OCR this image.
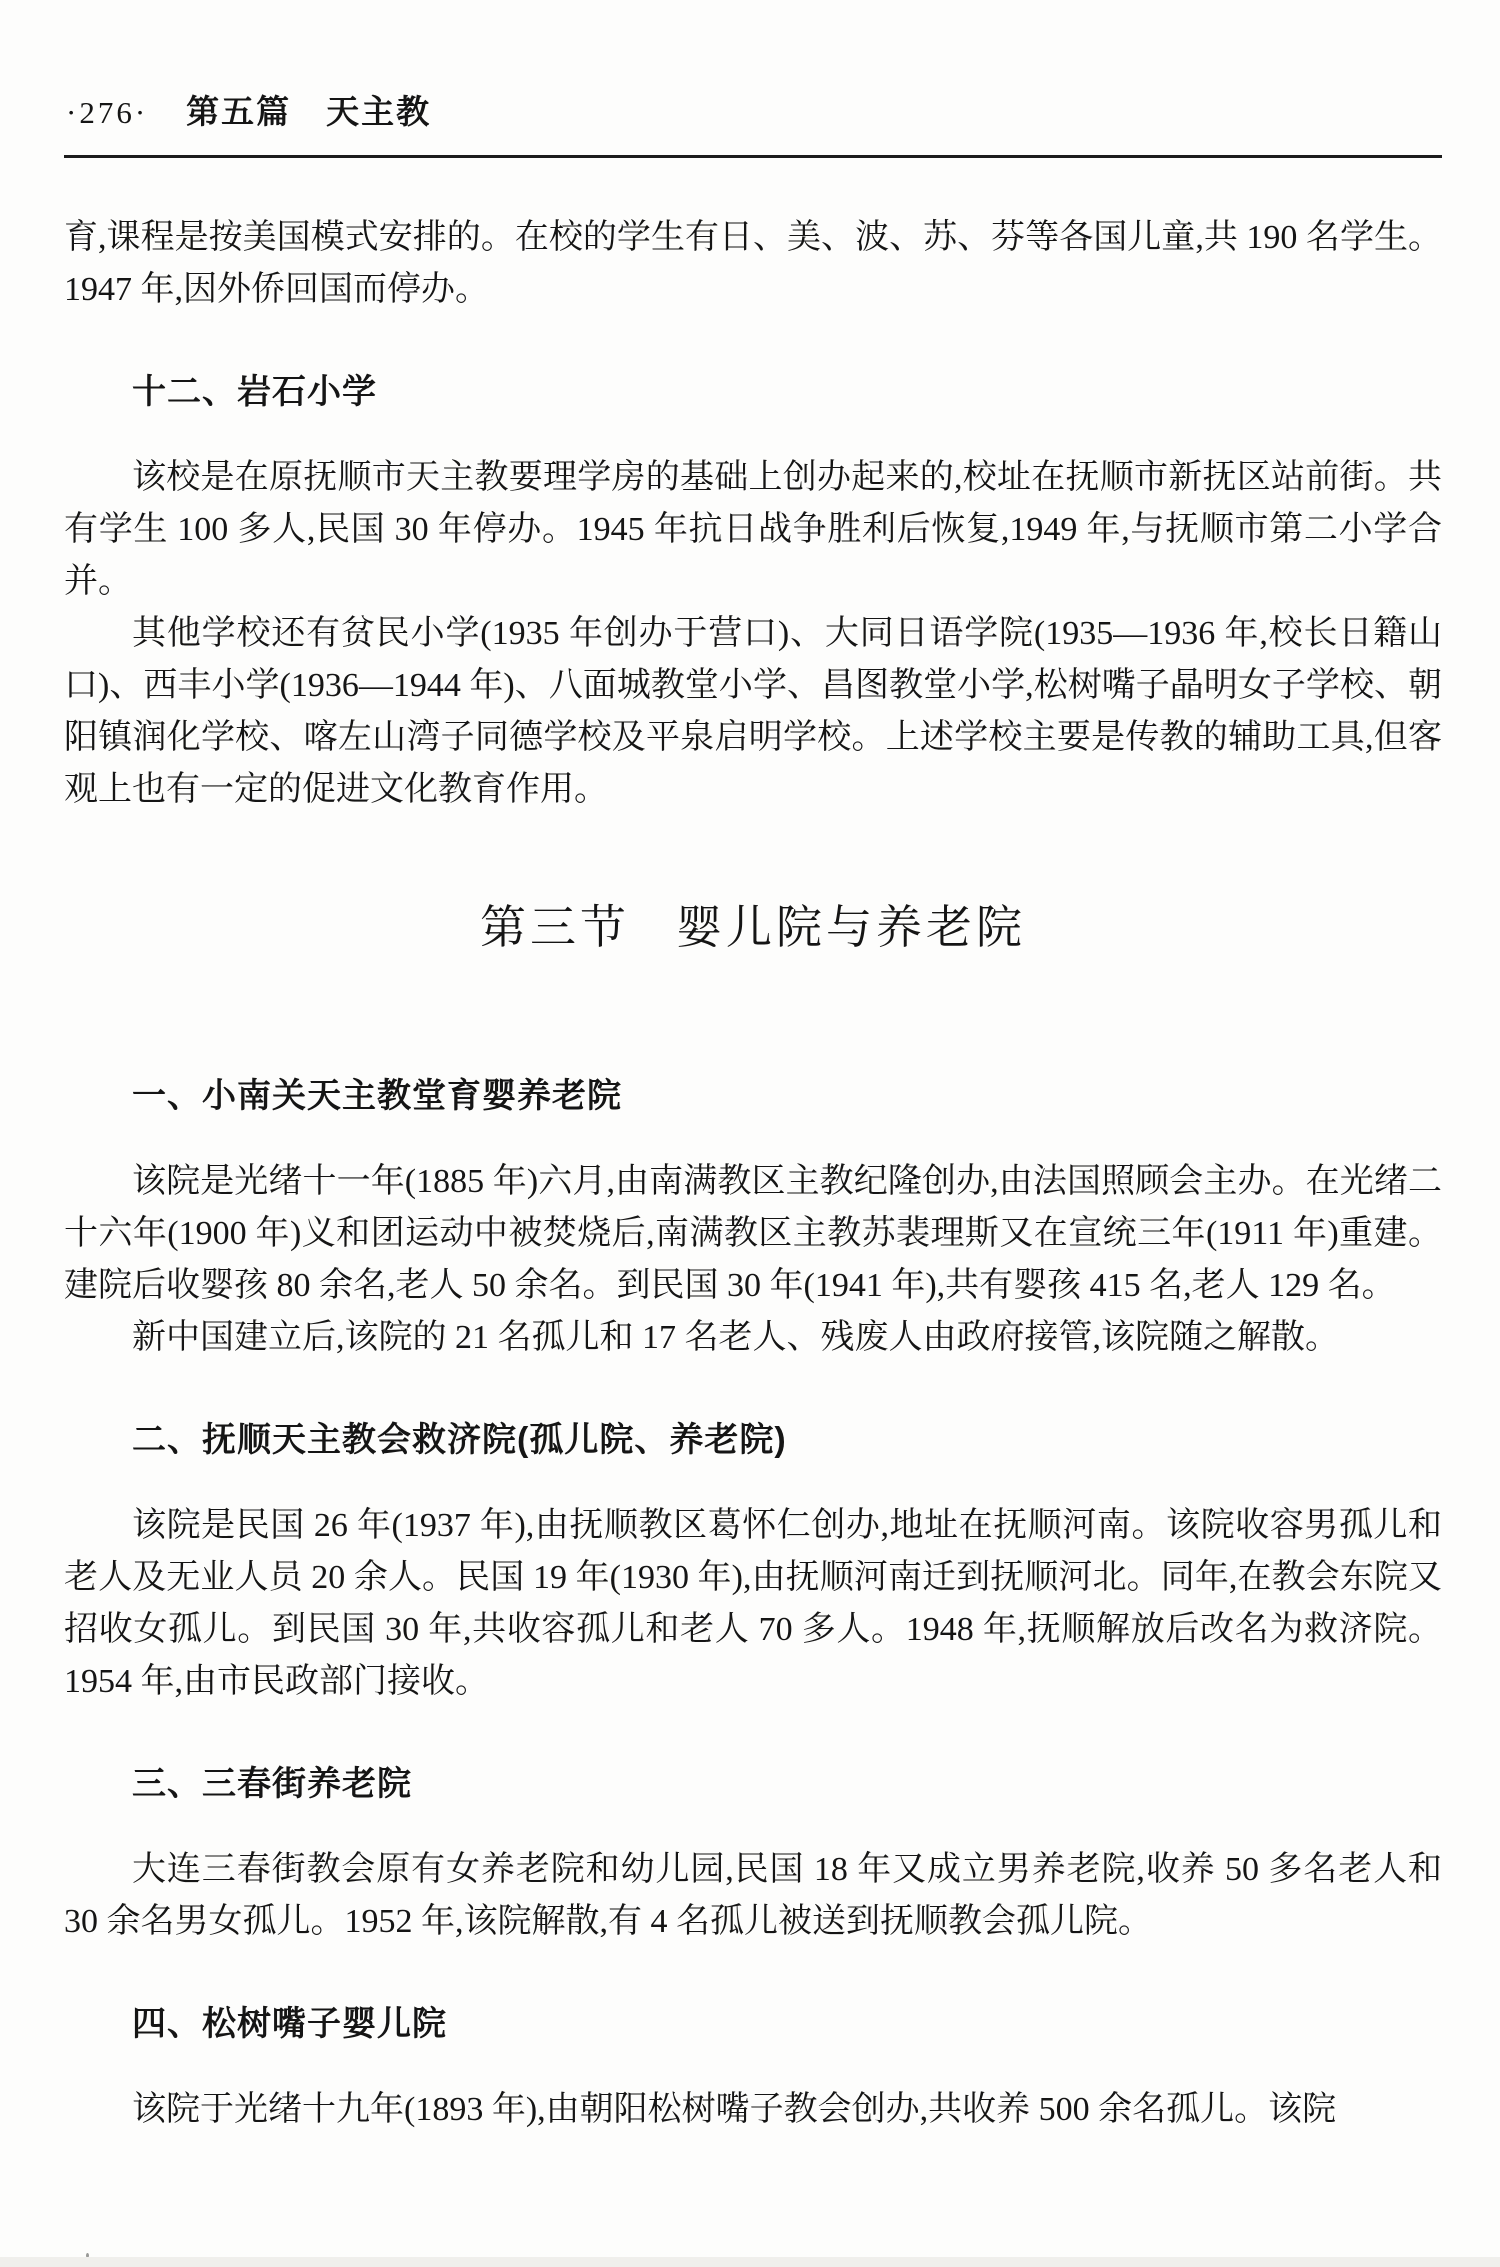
·276· 第五篇　天主教

育,课程是按美国模式安排的。在校的学生有日、美、波、苏、芬等各国儿童,共 190 名学生。1947 年,因外侨回国而停办。

十二、岩石小学

该校是在原抚顺市天主教要理学房的基础上创办起来的,校址在抚顺市新抚区站前街。共有学生 100 多人,民国 30 年停办。1945 年抗日战争胜利后恢复,1949 年,与抚顺市第二小学合并。

其他学校还有贫民小学(1935 年创办于营口)、大同日语学院(1935—1936 年,校长日籍山口)、西丰小学(1936—1944 年)、八面城教堂小学、昌图教堂小学,松树嘴子晶明女子学校、朝阳镇润化学校、喀左山湾子同德学校及平泉启明学校。上述学校主要是传教的辅助工具,但客观上也有一定的促进文化教育作用。

第三节 婴儿院与养老院
一、小南关天主教堂育婴养老院

该院是光绪十一年(1885 年)六月,由南满教区主教纪隆创办,由法国照顾会主办。在光绪二十六年(1900 年)义和团运动中被焚烧后,南满教区主教苏裴理斯又在宣统三年(1911 年)重建。建院后收婴孩 80 余名,老人 50 余名。到民国 30 年(1941 年),共有婴孩 415 名,老人 129 名。

新中国建立后,该院的 21 名孤儿和 17 名老人、残废人由政府接管,该院随之解散。

二、抚顺天主教会救济院(孤儿院、养老院)

该院是民国 26 年(1937 年),由抚顺教区葛怀仁创办,地址在抚顺河南。该院收容男孤儿和老人及无业人员 20 余人。民国 19 年(1930 年),由抚顺河南迁到抚顺河北。同年,在教会东院又招收女孤儿。到民国 30 年,共收容孤儿和老人 70 多人。1948 年,抚顺解放后改名为救济院。1954 年,由市民政部门接收。

三、三春街养老院

大连三春街教会原有女养老院和幼儿园,民国 18 年又成立男养老院,收养 50 多名老人和 30 余名男女孤儿。1952 年,该院解散,有 4 名孤儿被送到抚顺教会孤儿院。

四、松树嘴子婴儿院

该院于光绪十九年(1893 年),由朝阳松树嘴子教会创办,共收养 500 余名孤儿。该院
